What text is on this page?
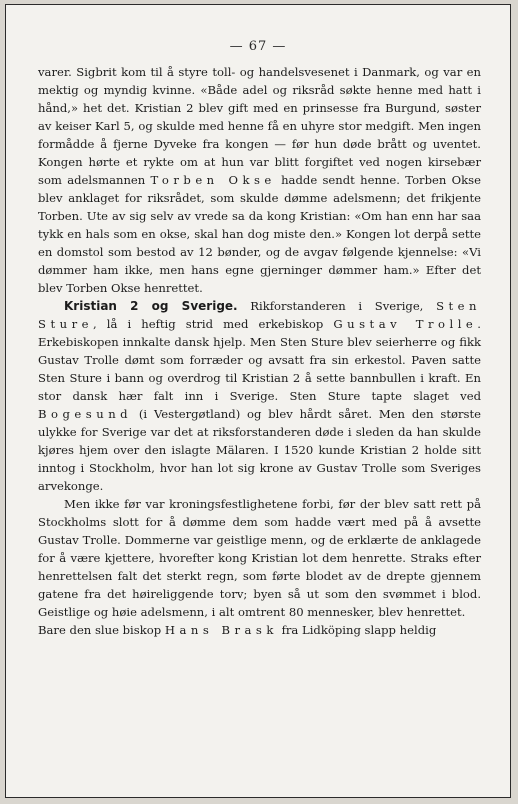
— 67 —

varer. Sigbrit kom til å styre toll- og handelsvesenet i Danmark, og var en mektig og myndig kvinne. «Både adel og riksråd søkte henne med hatt i hånd,» het det. Kristian 2 blev gift med en prinsesse fra Burgund, søster av keiser Karl 5, og skulde med henne få en uhyre stor medgift. Men ingen formådde å fjerne Dyveke fra kongen — før hun døde brått og uventet. Kongen hørte et rykte om at hun var blitt forgiftet ved nogen kirsebær som adelsmannen Torben Okse hadde sendt henne. Torben Okse blev anklaget for riksrådet, som skulde dømme adelsmenn; det frikjente Torben. Ute av sig selv av vrede sa da kong Kristian: «Om han enn har saa tykk en hals som en okse, skal han dog miste den.» Kongen lot derpå sette en domstol som bestod av 12 bønder, og de avgav følgende kjennelse: «Vi dømmer ham ikke, men hans egne gjerninger dømmer ham.» Efter det blev Torben Okse henrettet.

Kristian 2 og Sverige. Rikforstanderen i Sverige, Sten Sture, lå i heftig strid med erkebiskop Gustav Trolle. Erkebiskopen innkalte dansk hjelp. Men Sten Sture blev seierherre og fikk Gustav Trolle dømt som forræder og avsatt fra sin erkestol. Paven satte Sten Sture i bann og overdrog til Kristian 2 å sette bannbullen i kraft. En stor dansk hær falt inn i Sverige. Sten Sture tapte slaget ved Bogesund (i Vestergøtland) og blev hårdt såret. Men den største ulykke for Sverige var det at riksforstanderen døde i sleden da han skulde kjøres hjem over den islagte Mälaren. I 1520 kunde Kristian 2 holde sitt inntog i Stockholm, hvor han lot sig krone av Gustav Trolle som Sveriges arvekonge.

Men ikke før var kroningsfestlighetene forbi, før der blev satt rett på Stockholms slott for å dømme dem som hadde vært med på å avsette Gustav Trolle. Dommerne var geistlige menn, og de erklærte de anklagede for å være kjettere, hvorefter kong Kristian lot dem henrette. Straks efter henrettelsen falt det sterkt regn, som førte blodet av de drepte gjennem gatene fra det høireliggende torv; byen så ut som den svømmet i blod. Geistlige og høie adelsmenn, i alt omtrent 80 mennesker, blev henrettet.

Bare den slue biskop Hans Brask fra Lidköping slapp heldig
